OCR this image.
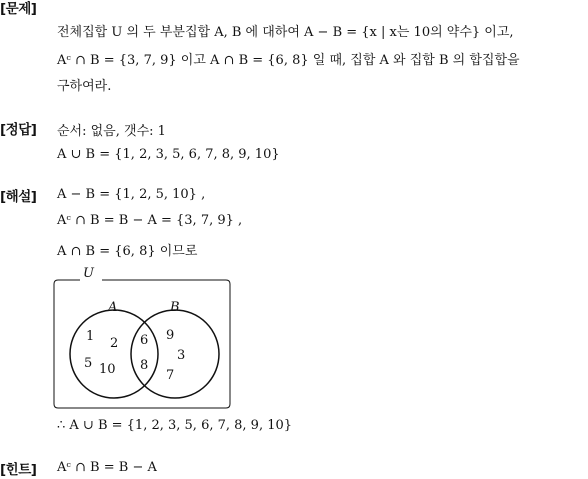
[문제]
전체집합 U 의 두 부분집합 A, B 에 대하여 A − B = {x | x는 10의 약수} 이고,
Aᶜ ∩ B = {3, 7, 9} 이고 A ∩ B = {6, 8} 일 때, 집합 A 와 집합 B 의 합집합을
구하여라.
[정답] 순서: 없음, 갯수: 1
A ∪ B = {1, 2, 3, 5, 6, 7, 8, 9, 10}
[해설] A − B = {1, 2, 5, 10} ,
Aᶜ ∩ B = B − A = {3, 7, 9} ,
A ∩ B = {6, 8} 이므로
U
A	B
1 2
5 10
6
8
9
3
7
∴ A ∪ B = {1, 2, 3, 5, 6, 7, 8, 9, 10}
[힌트] Aᶜ ∩ B = B − A
